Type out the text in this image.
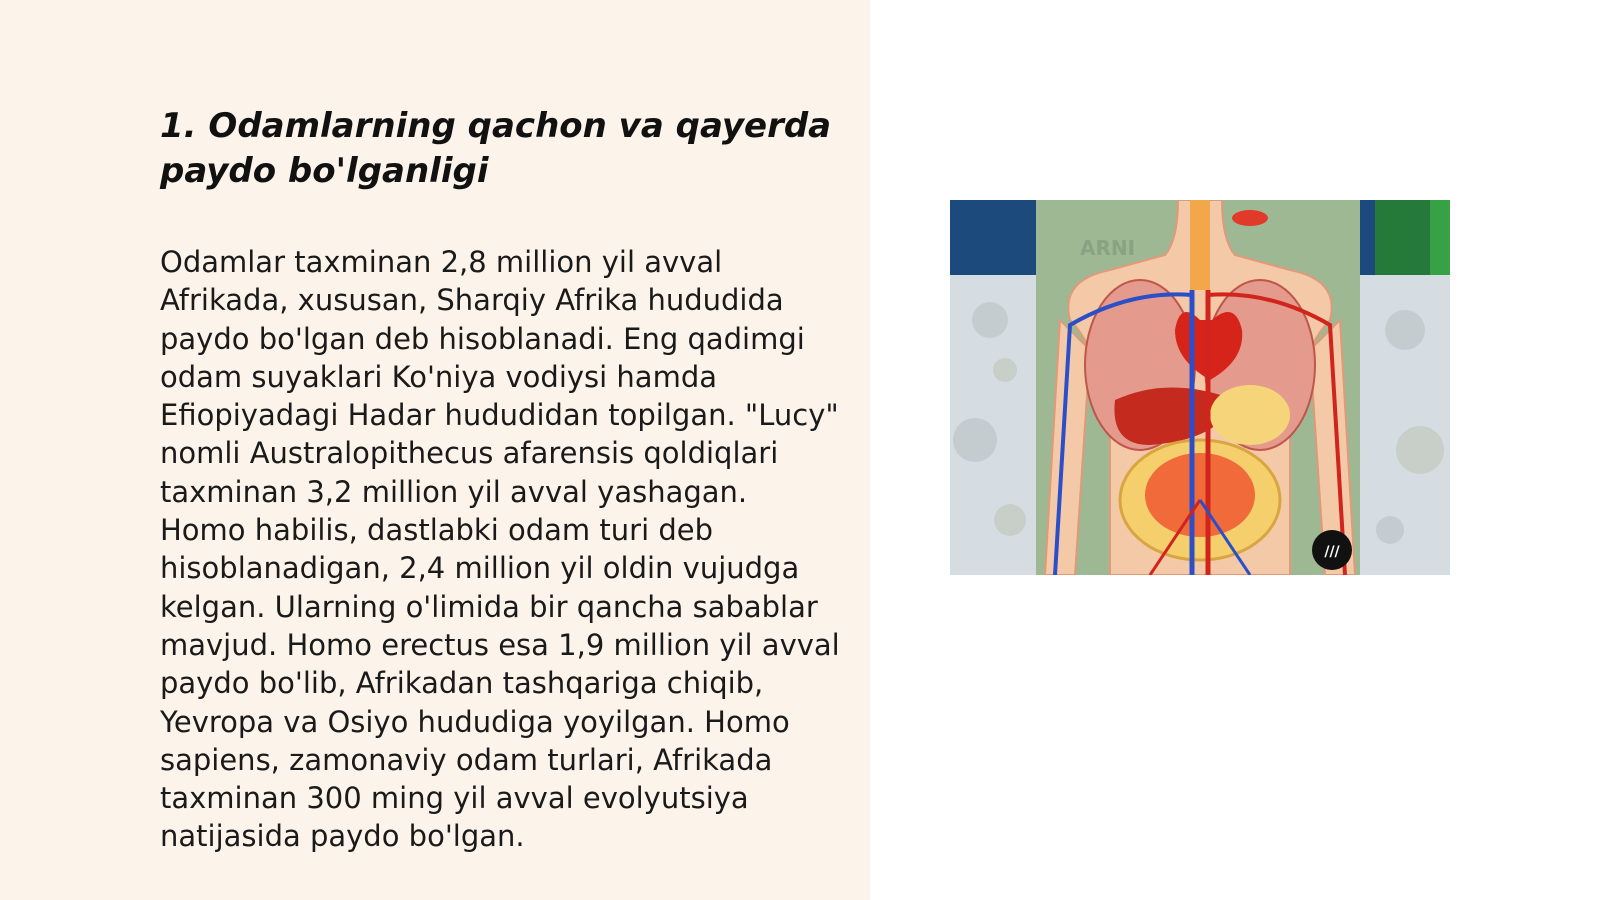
1. Odamlarning qachon va qayerda paydo bo'lganligi

Odamlar taxminan 2,8 million yil avval Afrikada, xususan, Sharqiy Afrika hududida paydo bo'lgan deb hisoblanadi. Eng qadimgi odam suyaklari Ko'niya vodiysi hamda Efiopiyadagi Hadar hududidan topilgan. "Lucy" nomli Australopithecus afarensis qoldiqlari taxminan 3,2 million yil avval yashagan. Homo habilis, dastlabki odam turi deb hisoblanadigan, 2,4 million yil oldin vujudga kelgan. Ularning o'limida bir qancha sabablar mavjud. Homo erectus esa 1,9 million yil avval paydo bo'lib, Afrikadan tashqariga chiqib, Yevropa va Osiyo hududiga yoyilgan. Homo sapiens, zamonaviy odam turlari, Afrikada taxminan 300 ming yil avval evolyutsiya natijasida paydo bo'lgan.

ARNI
///
